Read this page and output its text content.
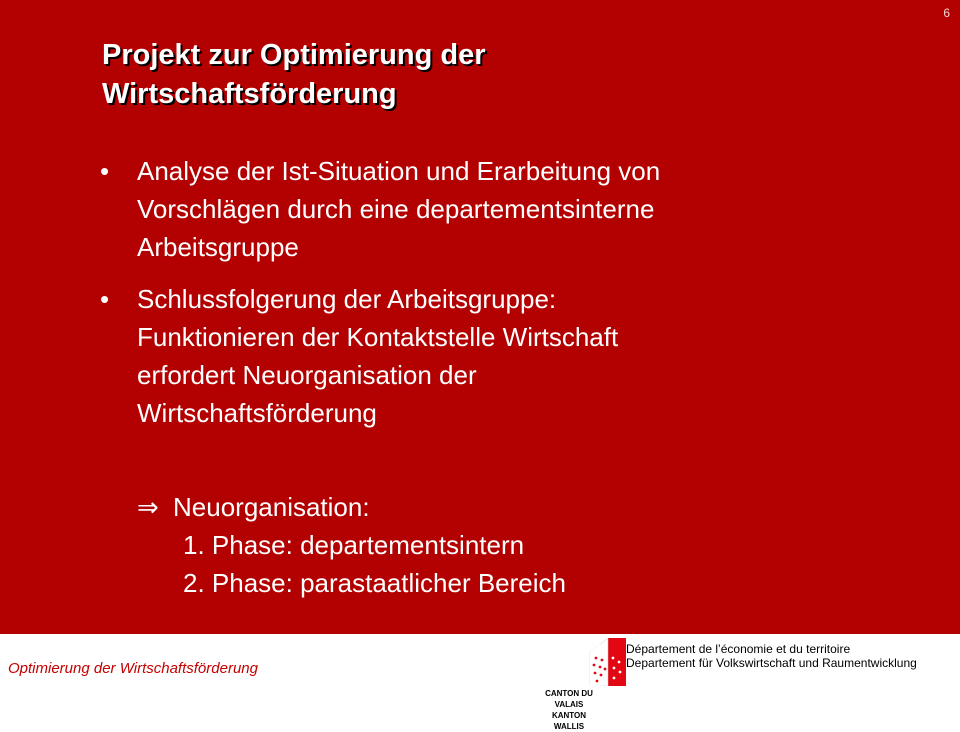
6
Projekt zur Optimierung der
Wirtschaftsförderung
• Analyse der Ist-Situation und Erarbeitung von
Vorschlägen durch eine departementsinterne
Arbeitsgruppe
• Schlussfolgerung der Arbeitsgruppe:
Funktionieren der Kontaktstelle Wirtschaft
erfordert Neuorganisation der
Wirtschaftsförderung
⇒ Neuorganisation:
1. Phase: departementsintern
2. Phase: parastaatlicher Bereich
Optimierung der Wirtschaftsförderung
CANTON DU VALAIS
KANTON WALLIS
Département de l’économie et du territoire
Departement für Volkswirtschaft und Raumentwicklung
